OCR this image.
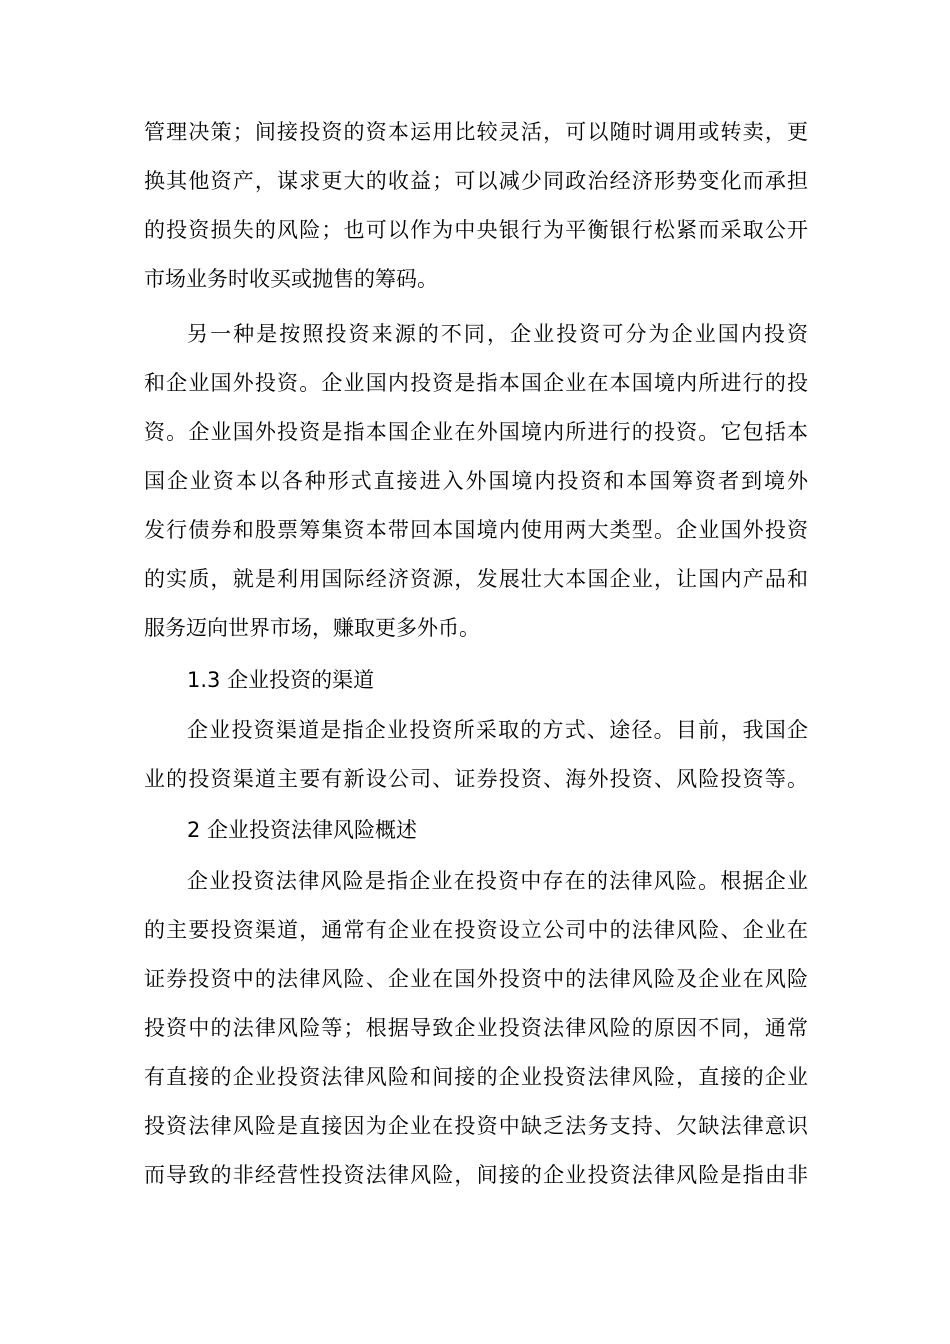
管理决策；间接投资的资本运用比较灵活，可以随时调用或转卖，更
换其他资产，谋求更大的收益；可以减少同政治经济形势变化而承担
的投资损失的风险；也可以作为中央银行为平衡银行松紧而采取公开
市场业务时收买或抛售的筹码。
另一种是按照投资来源的不同，企业投资可分为企业国内投资
和企业国外投资。企业国内投资是指本国企业在本国境内所进行的投
资。企业国外投资是指本国企业在外国境内所进行的投资。它包括本
国企业资本以各种形式直接进入外国境内投资和本国筹资者到境外
发行债券和股票筹集资本带回本国境内使用两大类型。企业国外投资
的实质，就是利用国际经济资源，发展壮大本国企业，让国内产品和
服务迈向世界市场，赚取更多外币。
1.3 企业投资的渠道
企业投资渠道是指企业投资所采取的方式、途径。目前，我国企
业的投资渠道主要有新设公司、证券投资、海外投资、风险投资等。
2 企业投资法律风险概述
企业投资法律风险是指企业在投资中存在的法律风险。根据企业
的主要投资渠道，通常有企业在投资设立公司中的法律风险、企业在
证券投资中的法律风险、企业在国外投资中的法律风险及企业在风险
投资中的法律风险等；根据导致企业投资法律风险的原因不同，通常
有直接的企业投资法律风险和间接的企业投资法律风险，直接的企业
投资法律风险是直接因为企业在投资中缺乏法务支持、欠缺法律意识
而导致的非经营性投资法律风险，间接的企业投资法律风险是指由非
